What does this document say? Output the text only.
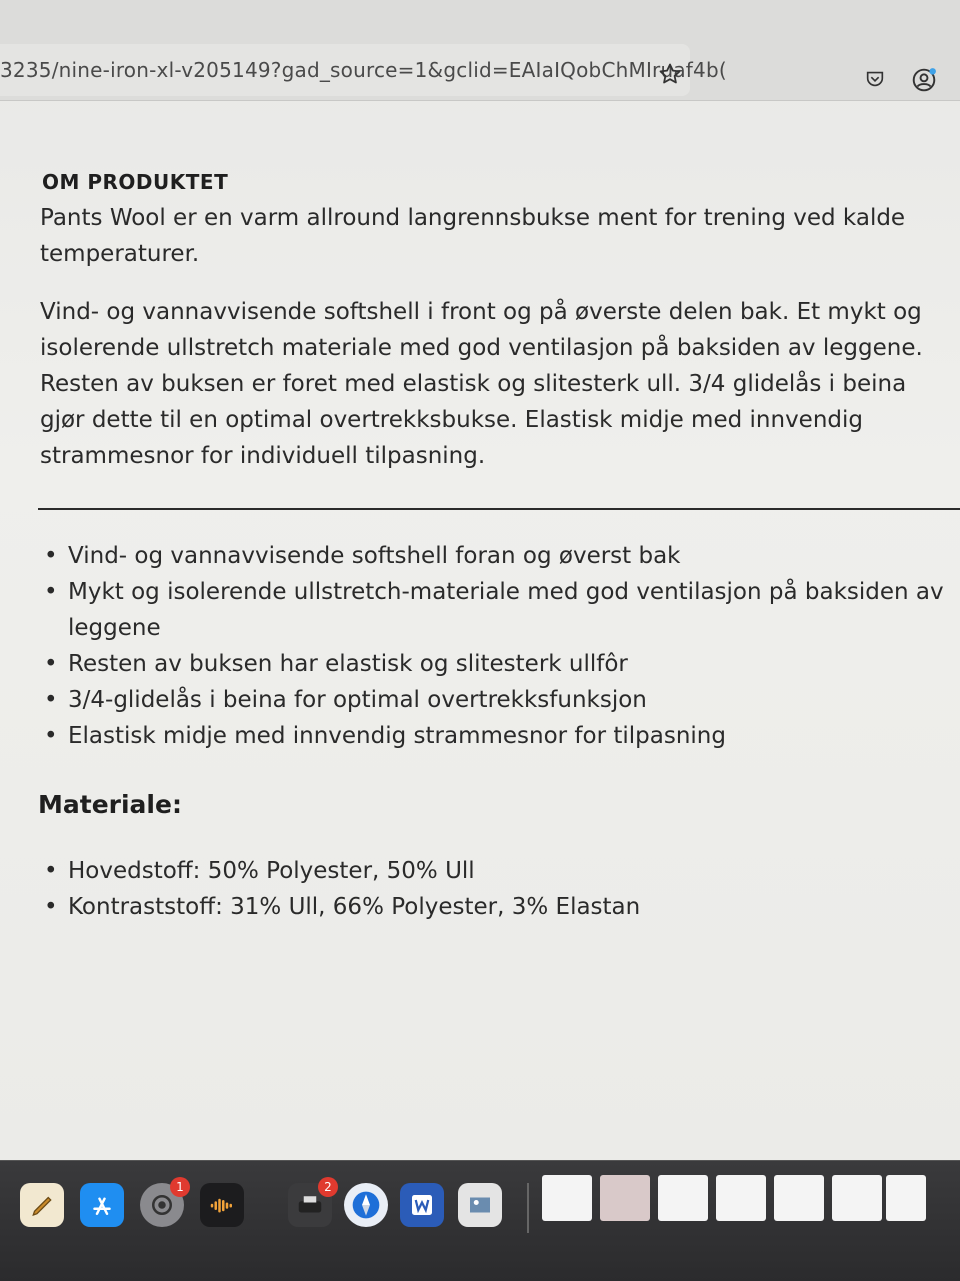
3235/nine-iron-xl-v205149?gad_source=1&gclid=EAIaIQobChMIruaf4b(
OM PRODUKTET

Pants Wool er en varm allround langrennsbukse ment for trening ved kalde temperaturer.

Vind- og vannavvisende softshell i front og på øverste delen bak. Et mykt og isolerende ullstretch materiale med god ventilasjon på baksiden av leggene. Resten av buksen er foret med elastisk og slitesterk ull. 3/4 glidelås i beina gjør dette til en optimal overtrekksbukse. Elastisk midje med innvendig strammesnor for individuell tilpasning.

• Vind- og vannavvisende softshell foran og øverst bak
• Mykt og isolerende ullstretch-materiale med god ventilasjon på baksiden av leggene
• Resten av buksen har elastisk og slitesterk ullfôr
• 3/4-glidelås i beina for optimal overtrekksfunksjon
• Elastisk midje med innvendig strammesnor for tilpasning
Materiale:
• Hovedstoff: 50% Polyester, 50% Ull
• Kontraststoff: 31% Ull, 66% Polyester, 3% Elastan
1	2
